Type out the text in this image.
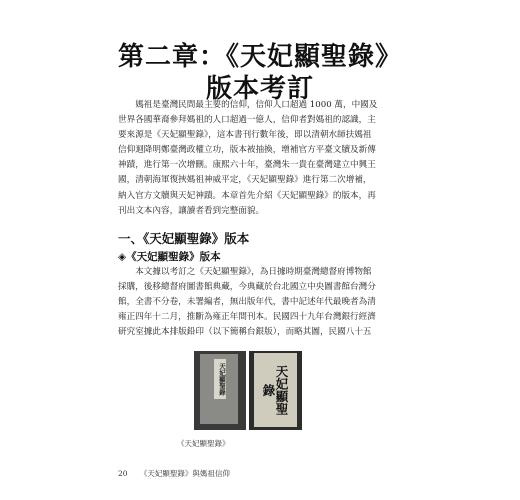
第二章：《天妃顯聖錄》
版本考訂
　　媽祖是臺灣民間最主要的信仰，信仰人口超過 1000 萬，中國及
世界各國華裔參拜媽祖的人口超過一億人，信仰者對媽祖的認識，主
要來源是《天妃顯聖錄》，這本書刊行數年後，即以清朝水師扶媽祖
信仰迴降明鄭臺灣政權立功，版本被抽換，增補官方平臺文牘及新傳
神蹟，進行第一次增刪。康熙六十年，臺灣朱一貴在臺灣建立中興王
國，清朝海軍復挾媽祖神威平定，《天妃顯聖錄》進行第二次增補，
納入官方文牘與天妃神蹟。本章首先介紹《天妃顯聖錄》的版本，再
刊出文本內容，讓讀者看到完整面貌。
一、《天妃顯聖錄》版本
◈《天妃顯聖錄》版本
　　本文據以考訂之《天妃顯聖錄》，為日據時期臺灣總督府博物館
採購，後移總督府圖書館典藏，今典藏於台北國立中央圖書館台灣分
館，全書不分卷，未署編者，無出版年代，書中記述年代最晚者為清
雍正四年十二月，推斷為雍正年間刊本。民國四十九年台灣銀行經濟
研究室據此本排版鉛印（以下簡稱台銀版），而略其圖，民國八十五
天妃顯聖錄	天妃顯聖錄
《天妃顯聖錄》
20 　 《天妃顯聖錄》與媽祖信仰
